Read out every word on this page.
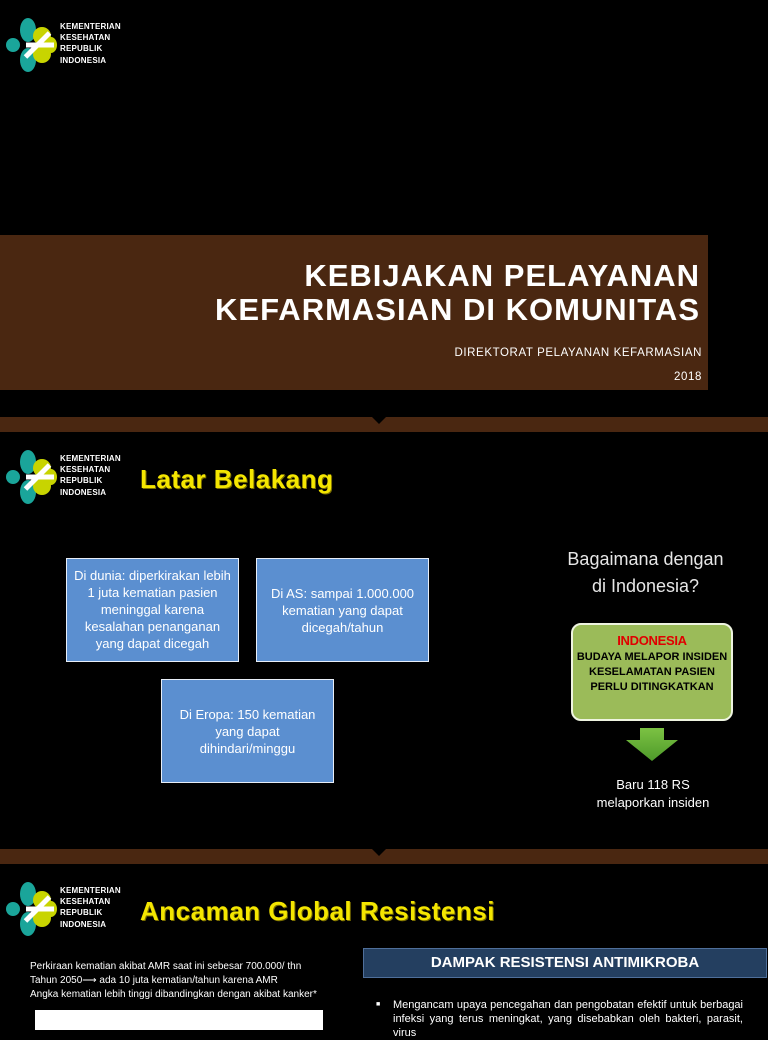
KEMENTERIAN
KESEHATAN
REPUBLIK
INDONESIA
KEBIJAKAN PELAYANAN
KEFARMASIAN DI KOMUNITAS
DIREKTORAT PELAYANAN KEFARMASIAN
2018
KEMENTERIAN
KESEHATAN
REPUBLIK
INDONESIA	Latar Belakang
Di dunia: diperkirakan lebih 1 juta kematian pasien meninggal karena kesalahan penanganan yang dapat dicegah
Di AS: sampai 1.000.000 kematian yang dapat dicegah/tahun
Di Eropa: 150 kematian yang dapat dihindari/minggu
Bagaimana dengan
di Indonesia?
INDONESIA
BUDAYA MELAPOR INSIDEN KESELAMATAN PASIEN PERLU DITINGKATKAN
Baru 118 RS
melaporkan insiden
KEMENTERIAN
KESEHATAN
REPUBLIK
INDONESIA	Ancaman Global Resistensi
Perkiraan kematian akibat AMR saat ini sebesar 700.000/ thn
Tahun 2050⟶ ada 10 juta kematian/tahun karena AMR
Angka kematian lebih tinggi dibandingkan dengan akibat kanker*
DAMPAK RESISTENSI ANTIMIKROBA
■	Mengancam upaya pencegahan dan pengobatan efektif untuk berbagai infeksi yang terus meningkat, yang disebabkan oleh bakteri, parasit, virus
